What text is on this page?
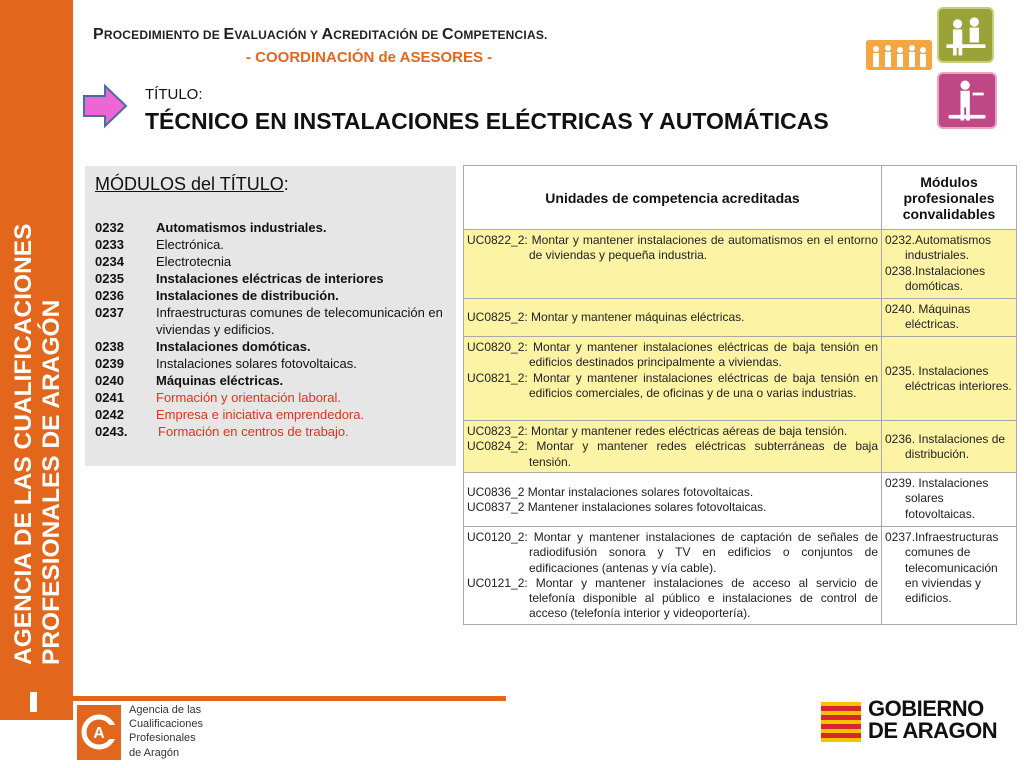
AGENCIA DE LAS CUALIFICACIONES PROFESIONALES DE ARAGÓN
PROCEDIMIENTO DE EVALUACIÓN Y ACREDITACIÓN DE COMPETENCIAS.
- COORDINACIÓN de ASESORES -
TÍTULO:
TÉCNICO EN INSTALACIONES ELÉCTRICAS Y AUTOMÁTICAS
MÓDULOS del TÍTULO:
0232	Automatismos industriales.
0233	Electrónica.
0234	Electrotecnia
0235	Instalaciones eléctricas de interiores
0236	Instalaciones de distribución.
0237	Infraestructuras comunes de telecomunicación en viviendas y edificios.
0238	Instalaciones domóticas.
0239	Instalaciones solares fotovoltaicas.
0240	Máquinas eléctricas.
0241	Formación y orientación laboral.
0242	Empresa e iniciativa emprendedora.
0243.	Formación en centros de trabajo.
Unidades de competencia acreditadas	Módulos profesionales convalidables

UC0822_2: Montar y mantener instalaciones de automatismos en el entorno de viviendas y pequeña industria.	0232.Automatismos industriales.
0238.Instalaciones domóticas.

UC0825_2: Montar y mantener máquinas eléctricas.	0240. Máquinas eléctricas.

UC0820_2: Montar y mantener instalaciones eléctricas de baja tensión en edificios destinados principalmente a viviendas.
UC0821_2: Montar y mantener instalaciones eléctricas de baja tensión en edificios comerciales, de oficinas y de una o varias industrias.	0235. Instalaciones eléctricas interiores.

UC0823_2: Montar y mantener redes eléctricas aéreas de baja tensión.
UC0824_2: Montar y mantener redes eléctricas subterráneas de baja tensión.	0236. Instalaciones de distribución.

UC0836_2 Montar instalaciones solares fotovoltaicas.
UC0837_2 Mantener instalaciones solares fotovoltaicas.	0239. Instalaciones solares fotovoltaicas.

UC0120_2: Montar y mantener instalaciones de captación de señales de radiodifusión sonora y TV en edificios o conjuntos de edificaciones (antenas y vía cable).
UC0121_2: Montar y mantener instalaciones de acceso al servicio de telefonía disponible al público e instalaciones de control de acceso (telefonía interior y videoportería).	0237.Infraestructuras comunes de telecomunicación en viviendas y edificios.
A
Agencia de las
Cualificaciones
Profesionales
de Aragón
GOBIERNO
DE ARAGON
